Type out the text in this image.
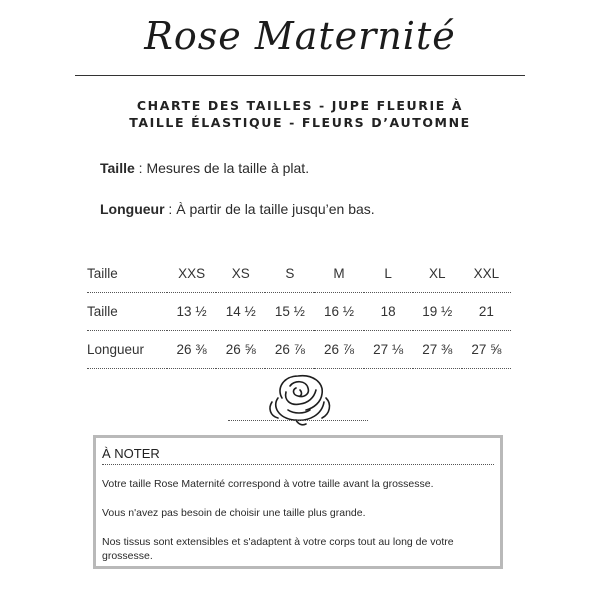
Rose Maternité
CHARTE DES TAILLES - JUPE FLEURIE À
TAILLE ÉLASTIQUE - FLEURS D’AUTOMNE
Taille : Mesures de la taille à plat.
Longueur : À partir de la taille jusqu’en bas.
Taille	XXS	XS	S	M	L	XL	XXL
Taille	13 ½	14 ½	15 ½	16 ½	18	19 ½	21
Longueur	26 ⅜	26 ⅝	26 ⅞	26 ⅞	27 ⅛	27 ⅜	27 ⅝
À NOTER
Votre taille Rose Maternité correspond à votre taille avant la grossesse.
Vous n'avez pas besoin de choisir une taille plus grande.
Nos tissus sont extensibles et s'adaptent à votre corps tout au long de votre grossesse.
